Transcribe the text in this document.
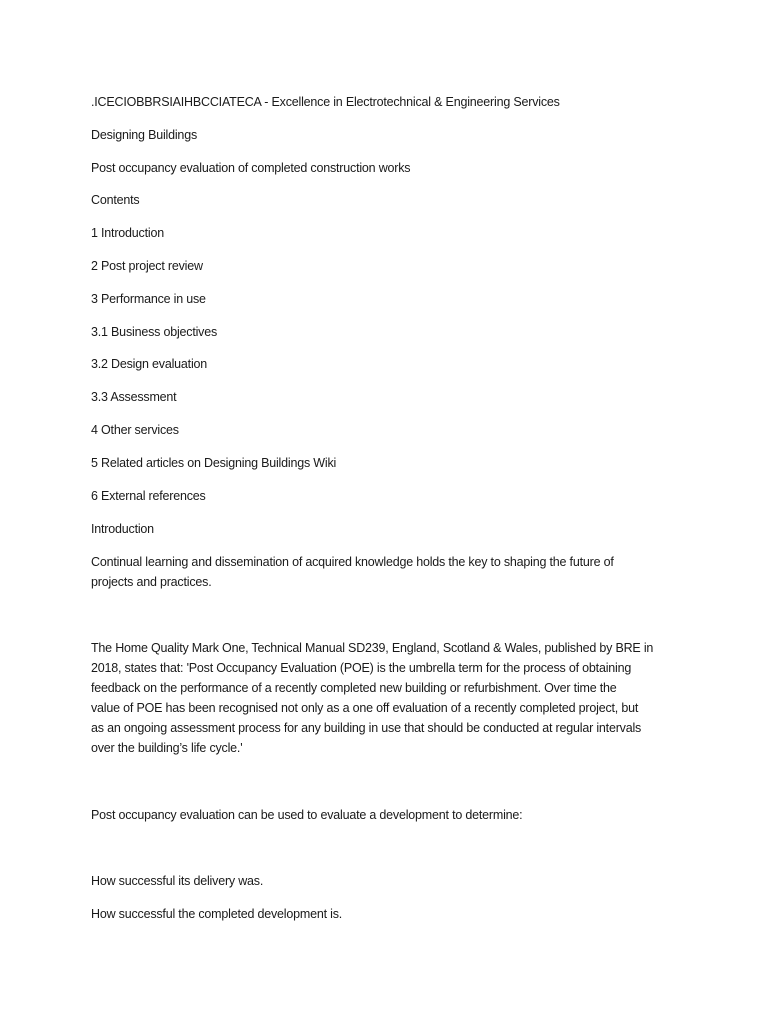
.ICECIOBBRSIAIHBCCIATECA - Excellence in Electrotechnical & Engineering Services
Designing Buildings
Post occupancy evaluation of completed construction works
Contents
1 Introduction
2 Post project review
3 Performance in use
3.1 Business objectives
3.2 Design evaluation
3.3 Assessment
4 Other services
5 Related articles on Designing Buildings Wiki
6 External references
Introduction
Continual learning and dissemination of acquired knowledge holds the key to shaping the future of
projects and practices.
The Home Quality Mark One, Technical Manual SD239, England, Scotland & Wales, published by BRE in
2018, states that: 'Post Occupancy Evaluation (POE) is the umbrella term for the process of obtaining
feedback on the performance of a recently completed new building or refurbishment. Over time the
value of POE has been recognised not only as a one off evaluation of a recently completed project, but
as an ongoing assessment process for any building in use that should be conducted at regular intervals
over the building’s life cycle.'
Post occupancy evaluation can be used to evaluate a development to determine:
How successful its delivery was.
How successful the completed development is.
